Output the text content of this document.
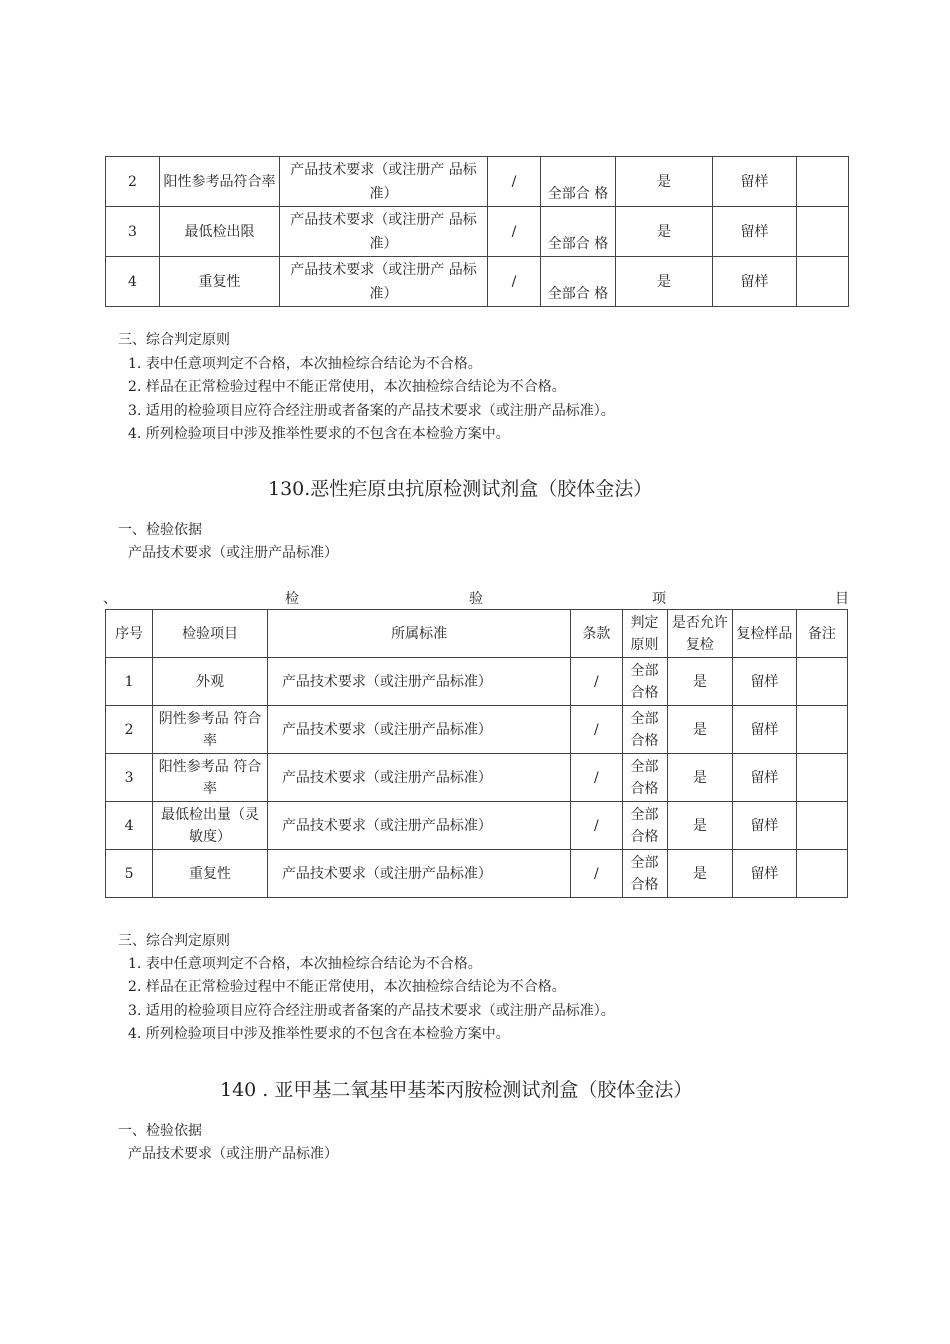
2	阳性参考品符合率	产品技术要求（或注册产 品标准）	/	全部合 格	是	留样	
3	最低检出限	产品技术要求（或注册产 品标准）	/	全部合 格	是	留样	
4	重复性	产品技术要求（或注册产 品标准）	/	全部合 格	是	留样	
三、综合判定原则
1. 表中任意项判定不合格，本次抽检综合结论为不合格。
2. 样品在正常检验过程中不能正常使用，本次抽检综合结论为不合格。
3. 适用的检验项目应符合经注册或者备案的产品技术要求（或注册产品标准）。
4. 所列检验项目中涉及推举性要求的不包含在本检验方案中。
130.恶性疟原虫抗原检测试剂盒（胶体金法）
一、检验依据
产品技术要求（或注册产品标准）
、	检	验	项	目
序号	检验项目	所属标准	条款	判定原则	是否允许复检	复检样品	备注
1	外观	产品技术要求（或注册产品标准）	/	全部合格	是	留样	
2	阴性参考品 符合率	产品技术要求（或注册产品标准）	/	全部合格	是	留样	
3	阳性参考品 符合率	产品技术要求（或注册产品标准）	/	全部合格	是	留样	
4	最低检出量（灵敏度）	产品技术要求（或注册产品标准）	/	全部合格	是	留样	
5	重复性	产品技术要求（或注册产品标准）	/	全部合格	是	留样	
三、综合判定原则
1. 表中任意项判定不合格，本次抽检综合结论为不合格。
2. 样品在正常检验过程中不能正常使用，本次抽检综合结论为不合格。
3. 适用的检验项目应符合经注册或者备案的产品技术要求（或注册产品标准）。
4. 所列检验项目中涉及推举性要求的不包含在本检验方案中。
140 . 亚甲基二氧基甲基苯丙胺检测试剂盒（胶体金法）
一、检验依据
产品技术要求（或注册产品标准）
